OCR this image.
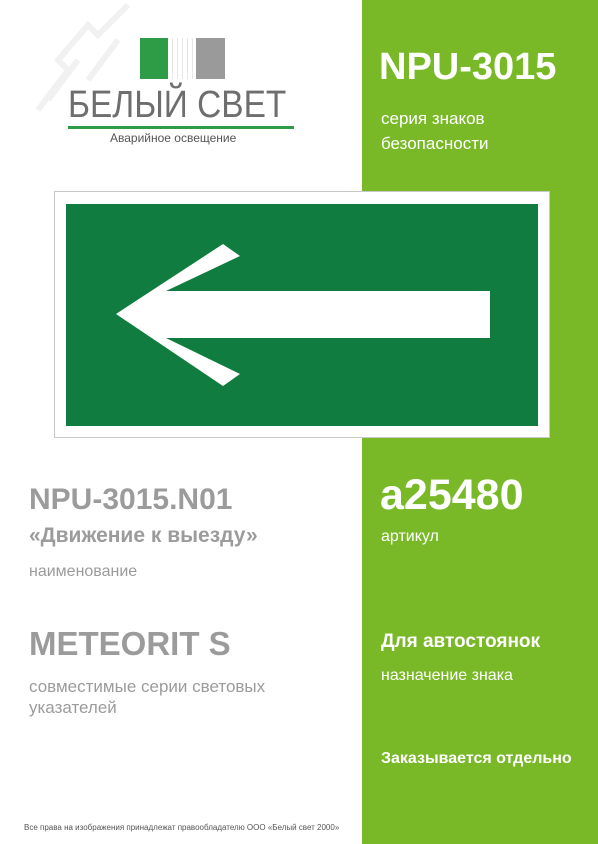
БЕЛЫЙ СВЕТ
Аварийное освещение
NPU-3015
серия знаков безопасности
a25480
артикул
NPU-3015.N01
«Движение к выезду»
наименование
METEORIT S
совместимые серии световых указателей
Для автостоянок
назначение знака
Заказывается отдельно
Все права на изображения принадлежат правообладателю ООО «Белый свет 2000»
